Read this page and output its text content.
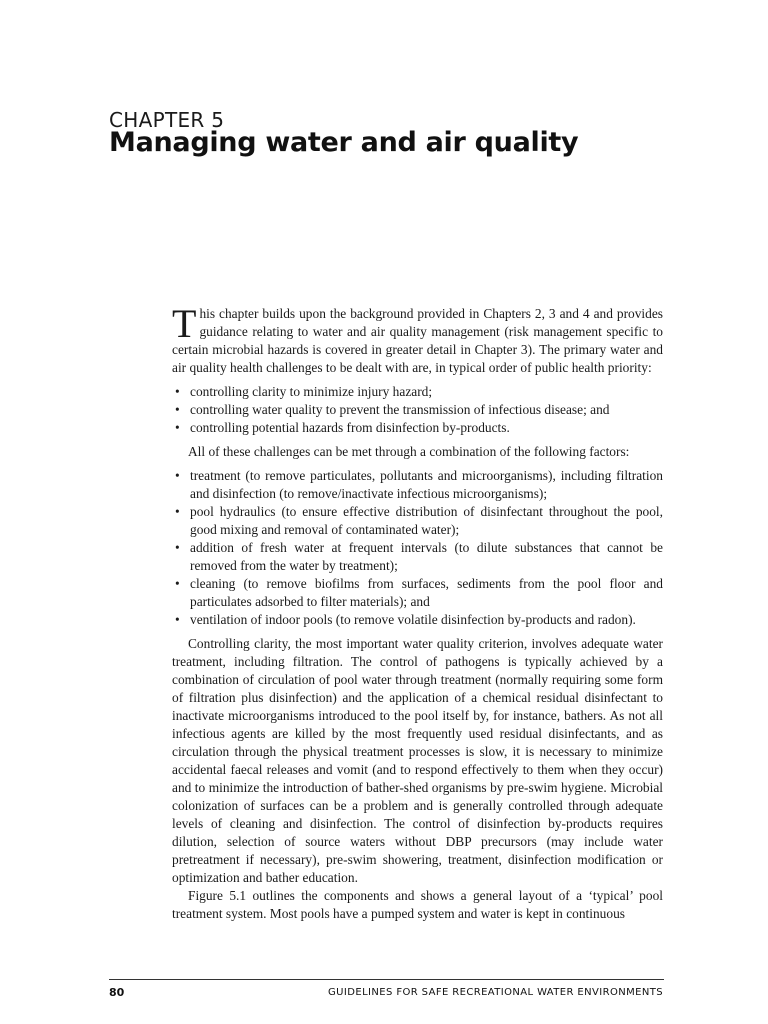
CHAPTER 5
Managing water and air quality

This chapter builds upon the background provided in Chapters 2, 3 and 4 and provides guidance relating to water and air quality management (risk management specific to certain microbial hazards is covered in greater detail in Chapter 3). The primary water and air quality health challenges to be dealt with are, in typical order of public health priority:

• controlling clarity to minimize injury hazard;
• controlling water quality to prevent the transmission of infectious disease; and
• controlling potential hazards from disinfection by-products.

All of these challenges can be met through a combination of the following factors:

• treatment (to remove particulates, pollutants and microorganisms), including filtration and disinfection (to remove/inactivate infectious microorganisms);
• pool hydraulics (to ensure effective distribution of disinfectant throughout the pool, good mixing and removal of contaminated water);
• addition of fresh water at frequent intervals (to dilute substances that cannot be removed from the water by treatment);
• cleaning (to remove biofilms from surfaces, sediments from the pool floor and particulates adsorbed to filter materials); and
• ventilation of indoor pools (to remove volatile disinfection by-products and radon).

Controlling clarity, the most important water quality criterion, involves adequate water treatment, including filtration. The control of pathogens is typically achieved by a combination of circulation of pool water through treatment (normally requiring some form of filtration plus disinfection) and the application of a chemical residual disinfectant to inactivate microorganisms introduced to the pool itself by, for instance, bathers. As not all infectious agents are killed by the most frequently used residual disinfectants, and as circulation through the physical treatment processes is slow, it is necessary to minimize accidental faecal releases and vomit (and to respond effectively to them when they occur) and to minimize the introduction of bather-shed organisms by pre-swim hygiene. Microbial colonization of surfaces can be a problem and is generally controlled through adequate levels of cleaning and disinfection. The control of disinfection by-products requires dilution, selection of source waters without DBP precursors (may include water pretreatment if necessary), pre-swim showering, treatment, disinfection modification or optimization and bather education.

Figure 5.1 outlines the components and shows a general layout of a ‘typical’ pool treatment system. Most pools have a pumped system and water is kept in continuous

80	GUIDELINES FOR SAFE RECREATIONAL WATER ENVIRONMENTS
